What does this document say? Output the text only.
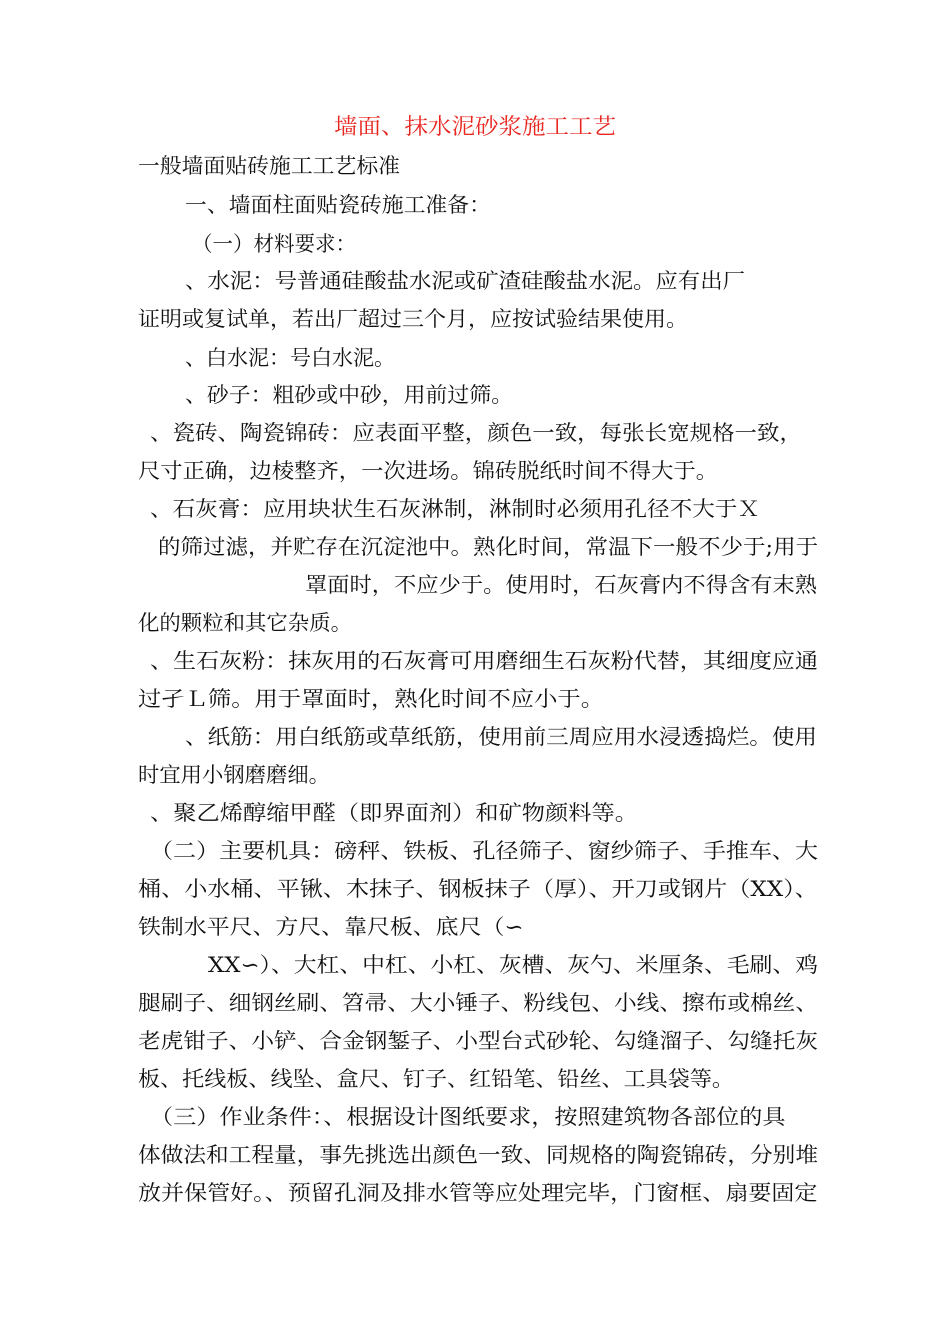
墙面、抹水泥砂浆施工工艺
一般墙面贴砖施工工艺标准
一、墙面柱面贴瓷砖施工准备：
（一）材料要求：
、水泥：号普通硅酸盐水泥或矿渣硅酸盐水泥。应有出厂
证明或复试单，若出厂超过三个月，应按试验结果使用。
、白水泥：号白水泥。
、砂子：粗砂或中砂，用前过筛。
、瓷砖、陶瓷锦砖：应表面平整，颜色一致，每张长宽规格一致，
尺寸正确，边棱整齐，一次进场。锦砖脱纸时间不得大于。
、石灰膏：应用块状生石灰淋制，淋制时必须用孔径不大于Ｘ
的筛过滤，并贮存在沉淀池中。熟化时间，常温下一般不少于;用于
罩面时，不应少于。使用时，石灰膏内不得含有末熟
化的颗粒和其它杂质。
、生石灰粉：抹灰用的石灰膏可用磨细生石灰粉代替，其细度应通
过孑Ｌ筛。用于罩面时，熟化时间不应小于。
、纸筋：用白纸筋或草纸筋，使用前三周应用水浸透捣烂。使用
时宜用小钢磨磨细。
、聚乙烯醇缩甲醛（即界面剂）和矿物颜料等。
（二）主要机具：磅秤、铁板、孔径筛子、窗纱筛子、手推车、大
桶、小水桶、平锹、木抹子、钢板抹子（厚）、开刀或钢片（XX）、
铁制水平尺、方尺、靠尺板、底尺（∽
XX∽）、大杠、中杠、小杠、灰槽、灰勺、米厘条、毛刷、鸡
腿刷子、细钢丝刷、笤帚、大小锤子、粉线包、小线、擦布或棉丝、
老虎钳子、小铲、合金钢錾子、小型台式砂轮、勾缝溜子、勾缝托灰
板、托线板、线坠、盒尺、钉子、红铅笔、铅丝、工具袋等。
（三）作业条件：、根据设计图纸要求，按照建筑物各部位的具
体做法和工程量，事先挑选出颜色一致、同规格的陶瓷锦砖，分别堆
放并保管好。、预留孔洞及排水管等应处理完毕，门窗框、扇要固定
